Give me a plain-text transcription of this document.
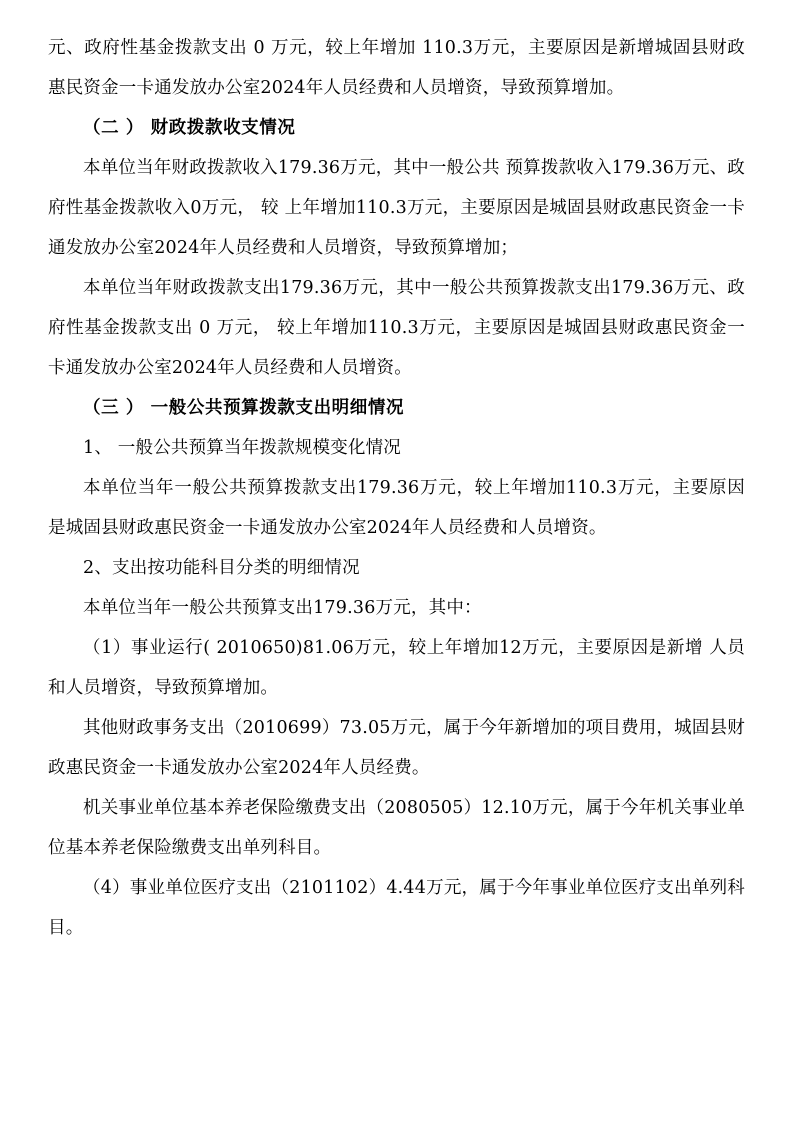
元、政府性基金拨款支出 0 万元，较上年增加 110.3万元，主要原因是新增城固县财政惠民资金一卡通发放办公室2024年人员经费和人员增资，导致预算增加。

（二 ） 财政拨款收支情况

本单位当年财政拨款收入179.36万元，其中一般公共 预算拨款收入179.36万元、政府性基金拨款收入0万元， 较 上年增加110.3万元，主要原因是城固县财政惠民资金一卡通发放办公室2024年人员经费和人员增资，导致预算增加；

本单位当年财政拨款支出179.36万元，其中一般公共预算拨款支出179.36万元、政府性基金拨款支出 0 万元， 较上年增加110.3万元，主要原因是城固县财政惠民资金一卡通发放办公室2024年人员经费和人员增资。

（三 ） 一般公共预算拨款支出明细情况

1、 一般公共预算当年拨款规模变化情况

本单位当年一般公共预算拨款支出179.36万元，较上年增加110.3万元，主要原因是城固县财政惠民资金一卡通发放办公室2024年人员经费和人员增资。

2、支出按功能科目分类的明细情况

本单位当年一般公共预算支出179.36万元，其中：

（1）事业运行( 2010650)81.06万元，较上年增加12万元，主要原因是新增 人员和人员增资，导致预算增加。

其他财政事务支出（2010699）73.05万元，属于今年新增加的项目费用，城固县财政惠民资金一卡通发放办公室2024年人员经费。

机关事业单位基本养老保险缴费支出（2080505）12.10万元，属于今年机关事业单位基本养老保险缴费支出单列科目。

（4）事业单位医疗支出（2101102）4.44万元，属于今年事业单位医疗支出单列科目。
